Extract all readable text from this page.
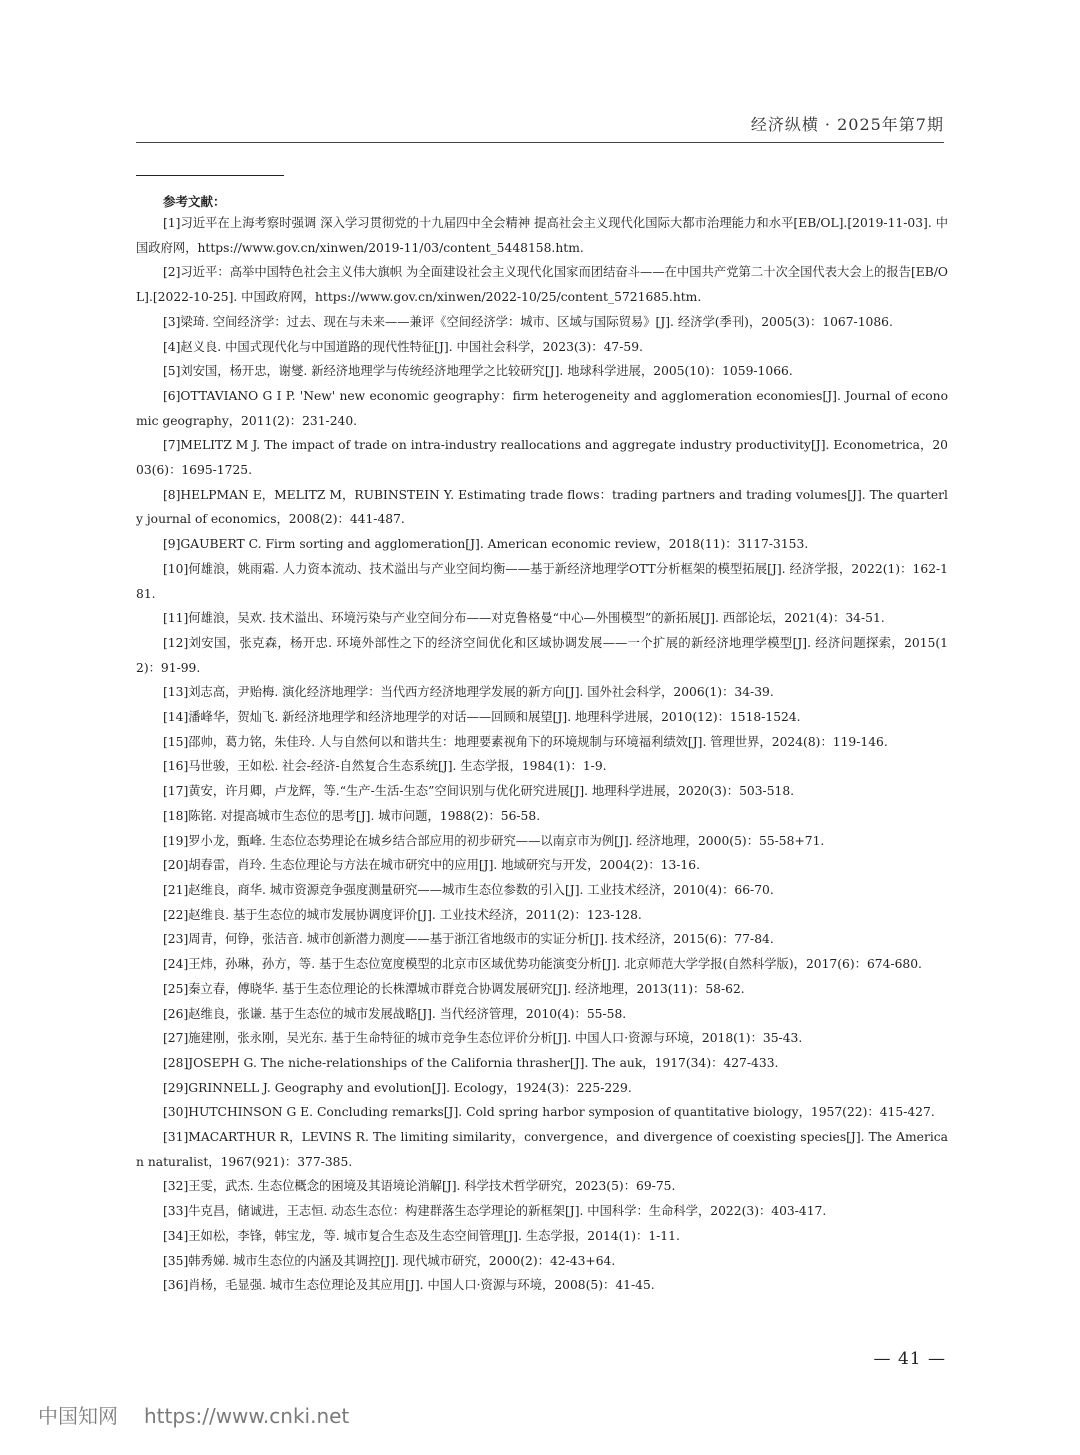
经济纵横 · 2025年第7期
参考文献：
[1]习近平在上海考察时强调 深入学习贯彻党的十九届四中全会精神 提高社会主义现代化国际大都市治理能力和水平[EB/OL].[2019-11-03]. 中国政府网，https://www.gov.cn/xinwen/2019-11/03/content_5448158.htm.
[2]习近平：高举中国特色社会主义伟大旗帜 为全面建设社会主义现代化国家而团结奋斗——在中国共产党第二十次全国代表大会上的报告[EB/OL].[2022-10-25]. 中国政府网，https://www.gov.cn/xinwen/2022-10/25/content_5721685.htm.
[3]梁琦. 空间经济学：过去、现在与未来——兼评《空间经济学：城市、区域与国际贸易》[J]. 经济学(季刊)，2005(3)：1067-1086.
[4]赵义良. 中国式现代化与中国道路的现代性特征[J]. 中国社会科学，2023(3)：47-59.
[5]刘安国，杨开忠，谢燮. 新经济地理学与传统经济地理学之比较研究[J]. 地球科学进展，2005(10)：1059-1066.
[6]OTTAVIANO G I P. 'New' new economic geography：firm heterogeneity and agglomeration economies[J]. Journal of economic geography，2011(2)：231-240.
[7]MELITZ M J. The impact of trade on intra-industry reallocations and aggregate industry productivity[J]. Econometrica，2003(6)：1695-1725.
[8]HELPMAN E，MELITZ M，RUBINSTEIN Y. Estimating trade flows：trading partners and trading volumes[J]. The quarterly journal of economics，2008(2)：441-487.
[9]GAUBERT C. Firm sorting and agglomeration[J]. American economic review，2018(11)：3117-3153.
[10]何雄浪，姚雨霜. 人力资本流动、技术溢出与产业空间均衡——基于新经济地理学OTT分析框架的模型拓展[J]. 经济学报，2022(1)：162-181.
[11]何雄浪，吴欢. 技术溢出、环境污染与产业空间分布——对克鲁格曼“中心—外围模型”的新拓展[J]. 西部论坛，2021(4)：34-51.
[12]刘安国，张克森，杨开忠. 环境外部性之下的经济空间优化和区域协调发展——一个扩展的新经济地理学模型[J]. 经济问题探索，2015(12)：91-99.
[13]刘志高，尹贻梅. 演化经济地理学：当代西方经济地理学发展的新方向[J]. 国外社会科学，2006(1)：34-39.
[14]潘峰华，贺灿飞. 新经济地理学和经济地理学的对话——回顾和展望[J]. 地理科学进展，2010(12)：1518-1524.
[15]邵帅，葛力铭，朱佳玲. 人与自然何以和谐共生：地理要素视角下的环境规制与环境福利绩效[J]. 管理世界，2024(8)：119-146.
[16]马世骏，王如松. 社会-经济-自然复合生态系统[J]. 生态学报，1984(1)：1-9.
[17]黄安，许月卿，卢龙辉，等.“生产-生活-生态”空间识别与优化研究进展[J]. 地理科学进展，2020(3)：503-518.
[18]陈铭. 对提高城市生态位的思考[J]. 城市问题，1988(2)：56-58.
[19]罗小龙，甄峰. 生态位态势理论在城乡结合部应用的初步研究——以南京市为例[J]. 经济地理，2000(5)：55-58+71.
[20]胡春雷，肖玲. 生态位理论与方法在城市研究中的应用[J]. 地域研究与开发，2004(2)：13-16.
[21]赵维良，商华. 城市资源竞争强度测量研究——城市生态位参数的引入[J]. 工业技术经济，2010(4)：66-70.
[22]赵维良. 基于生态位的城市发展协调度评价[J]. 工业技术经济，2011(2)：123-128.
[23]周青，何铮，张洁音. 城市创新潜力测度——基于浙江省地级市的实证分析[J]. 技术经济，2015(6)：77-84.
[24]王炜，孙琳，孙方，等. 基于生态位宽度模型的北京市区域优势功能演变分析[J]. 北京师范大学学报(自然科学版)，2017(6)：674-680.
[25]秦立春，傅晓华. 基于生态位理论的长株潭城市群竞合协调发展研究[J]. 经济地理，2013(11)：58-62.
[26]赵维良，张谦. 基于生态位的城市发展战略[J]. 当代经济管理，2010(4)：55-58.
[27]施建刚，张永刚，吴光东. 基于生命特征的城市竞争生态位评价分析[J]. 中国人口·资源与环境，2018(1)：35-43.
[28]JOSEPH G. The niche-relationships of the California thrasher[J]. The auk，1917(34)：427-433.
[29]GRINNELL J. Geography and evolution[J]. Ecology，1924(3)：225-229.
[30]HUTCHINSON G E. Concluding remarks[J]. Cold spring harbor symposion of quantitative biology，1957(22)：415-427.
[31]MACARTHUR R，LEVINS R. The limiting similarity，convergence，and divergence of coexisting species[J]. The American naturalist，1967(921)：377-385.
[32]王雯，武杰. 生态位概念的困境及其语境论消解[J]. 科学技术哲学研究，2023(5)：69-75.
[33]牛克昌，储诚进，王志恒. 动态生态位：构建群落生态学理论的新框架[J]. 中国科学：生命科学，2022(3)：403-417.
[34]王如松，李锋，韩宝龙，等. 城市复合生态及生态空间管理[J]. 生态学报，2014(1)：1-11.
[35]韩秀娣. 城市生态位的内涵及其调控[J]. 现代城市研究，2000(2)：42-43+64.
[36]肖杨，毛显强. 城市生态位理论及其应用[J]. 中国人口·资源与环境，2008(5)：41-45.
— 41 —
中国知网 https://www.cnki.net
